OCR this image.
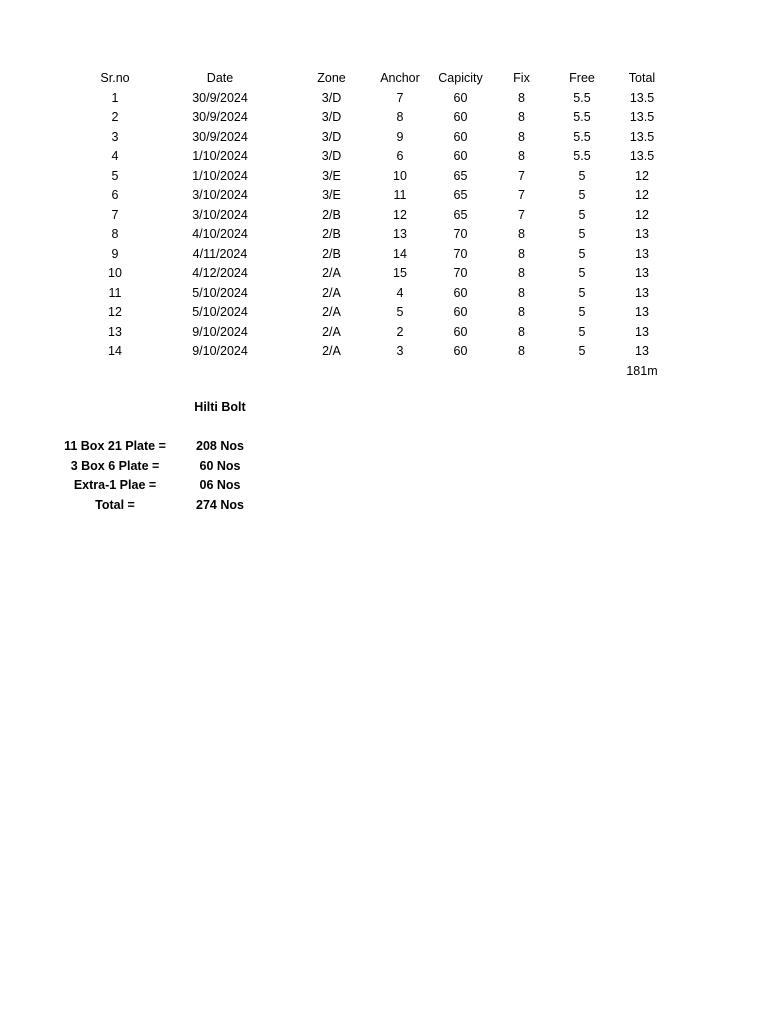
Sr.no	Date	Zone	Anchor	Capicity	Fix	Free	Total
1	30/9/2024	3/D	7	60	8	5.5	13.5
2	30/9/2024	3/D	8	60	8	5.5	13.5
3	30/9/2024	3/D	9	60	8	5.5	13.5
4	1/10/2024	3/D	6	60	8	5.5	13.5
5	1/10/2024	3/E	10	65	7	5	12
6	3/10/2024	3/E	11	65	7	5	12
7	3/10/2024	2/B	12	65	7	5	12
8	4/10/2024	2/B	13	70	8	5	13
9	4/11/2024	2/B	14	70	8	5	13
10	4/12/2024	2/A	15	70	8	5	13
11	5/10/2024	2/A	4	60	8	5	13
12	5/10/2024	2/A	5	60	8	5	13
13	9/10/2024	2/A	2	60	8	5	13
14	9/10/2024	2/A	3	60	8	5	13
							181m
Hilti Bolt
11 Box 21 Plate =	208 Nos
3 Box 6 Plate =	60 Nos
Extra-1 Plae =	06 Nos
Total =	274 Nos
